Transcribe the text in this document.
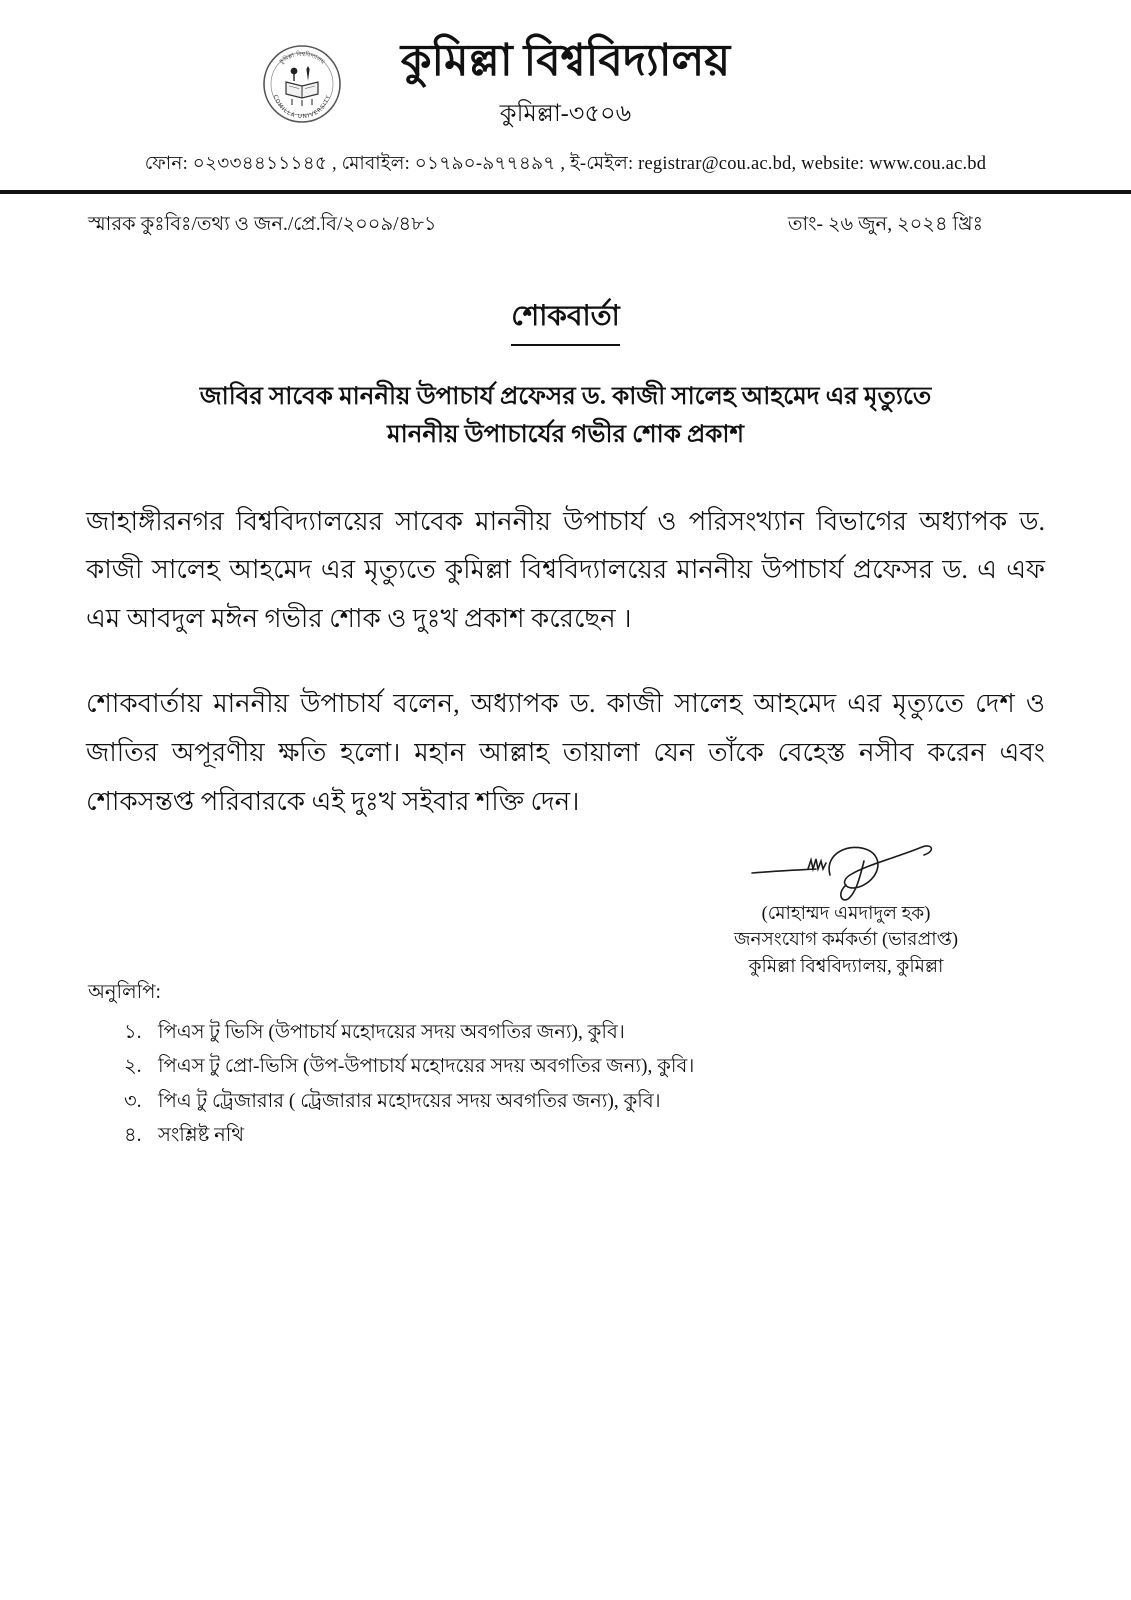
কুমিল্লা বিশ্ববিদ্যালয়
COMILLA UNIVERSITY
কুমিল্লা বিশ্ববিদ্যালয়
কুমিল্লা-৩৫০৬
ফোন: ০২৩৩৪৪১১১৪৫ , মোবাইল: ০১৭৯০-৯৭৭৪৯৭ , ই-মেইল: registrar@cou.ac.bd, website: www.cou.ac.bd
স্মারক কুঃবিঃ/তথ্য ও জন./প্রে.বি/২০০৯/৪৮১	তাং- ২৬ জুন, ২০২৪ খ্রিঃ
শোকবার্তা
জাবির সাবেক মাননীয় উপাচার্য প্রফেসর ড. কাজী সালেহ আহমেদ এর মৃত্যুতে
মাননীয় উপাচার্যের গভীর শোক প্রকাশ

জাহাঙ্গীরনগর বিশ্ববিদ্যালয়ের সাবেক মাননীয় উপাচার্য ও পরিসংখ্যান বিভাগের অধ্যাপক ড. কাজী সালেহ আহমেদ এর মৃত্যুতে কুমিল্লা বিশ্ববিদ্যালয়ের মাননীয় উপাচার্য প্রফেসর ড. এ এফ এম আবদুল মঈন গভীর শোক ও দুঃখ প্রকাশ করেছেন ।

শোকবার্তায় মাননীয় উপাচার্য বলেন, অধ্যাপক ড. কাজী সালেহ আহমেদ এর মৃত্যুতে দেশ ও জাতির অপূরণীয় ক্ষতি হলো। মহান আল্লাহ তায়ালা যেন তাঁকে বেহেস্ত নসীব করেন এবং শোকসন্তপ্ত পরিবারকে এই দুঃখ সইবার শক্তি দেন।

(মোহাম্মদ এমদাদুল হক)
জনসংযোগ কর্মকর্তা (ভারপ্রাপ্ত)
কুমিল্লা বিশ্ববিদ্যালয়, কুমিল্লা

অনুলিপি:

১. পিএস টু ভিসি (উপাচার্য মহোদয়ের সদয় অবগতির জন্য), কুবি।
২. পিএস টু প্রো-ভিসি (উপ-উপাচার্য মহোদয়ের সদয় অবগতির জন্য), কুবি।
৩. পিএ টু ট্রেজারার ( ট্রেজারার মহোদয়ের সদয় অবগতির জন্য), কুবি।
৪. সংশ্লিষ্ট নথি
